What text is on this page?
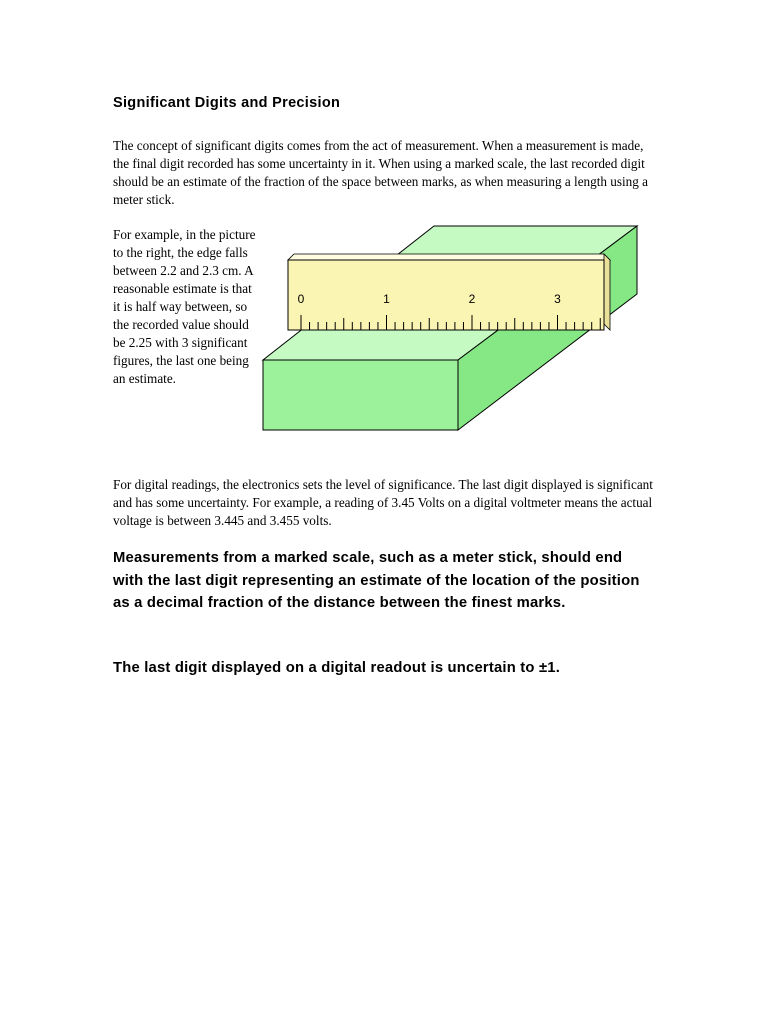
Significant Digits and Precision
The concept of significant digits comes from the act of measurement. When a measurement is made, the final digit recorded has some uncertainty in it. When using a marked scale, the last recorded digit should be an estimate of the fraction of the space between marks, as when measuring a length using a meter stick.
For example, in the picture to the right, the edge falls between 2.2 and 2.3 cm. A reasonable estimate is that it is half way between, so the recorded value should be 2.25 with 3 significant figures, the last one being an estimate.
0	1	2	3
For digital readings, the electronics sets the level of significance. The last digit displayed is significant and has some uncertainty. For example, a reading of 3.45 Volts on a digital voltmeter means the actual voltage is between 3.445 and 3.455 volts.
Measurements from a marked scale, such as a meter stick, should end with the last digit representing an estimate of the location of the position as a decimal fraction of the distance between the finest marks.
The last digit displayed on a digital readout is uncertain to ±1.
